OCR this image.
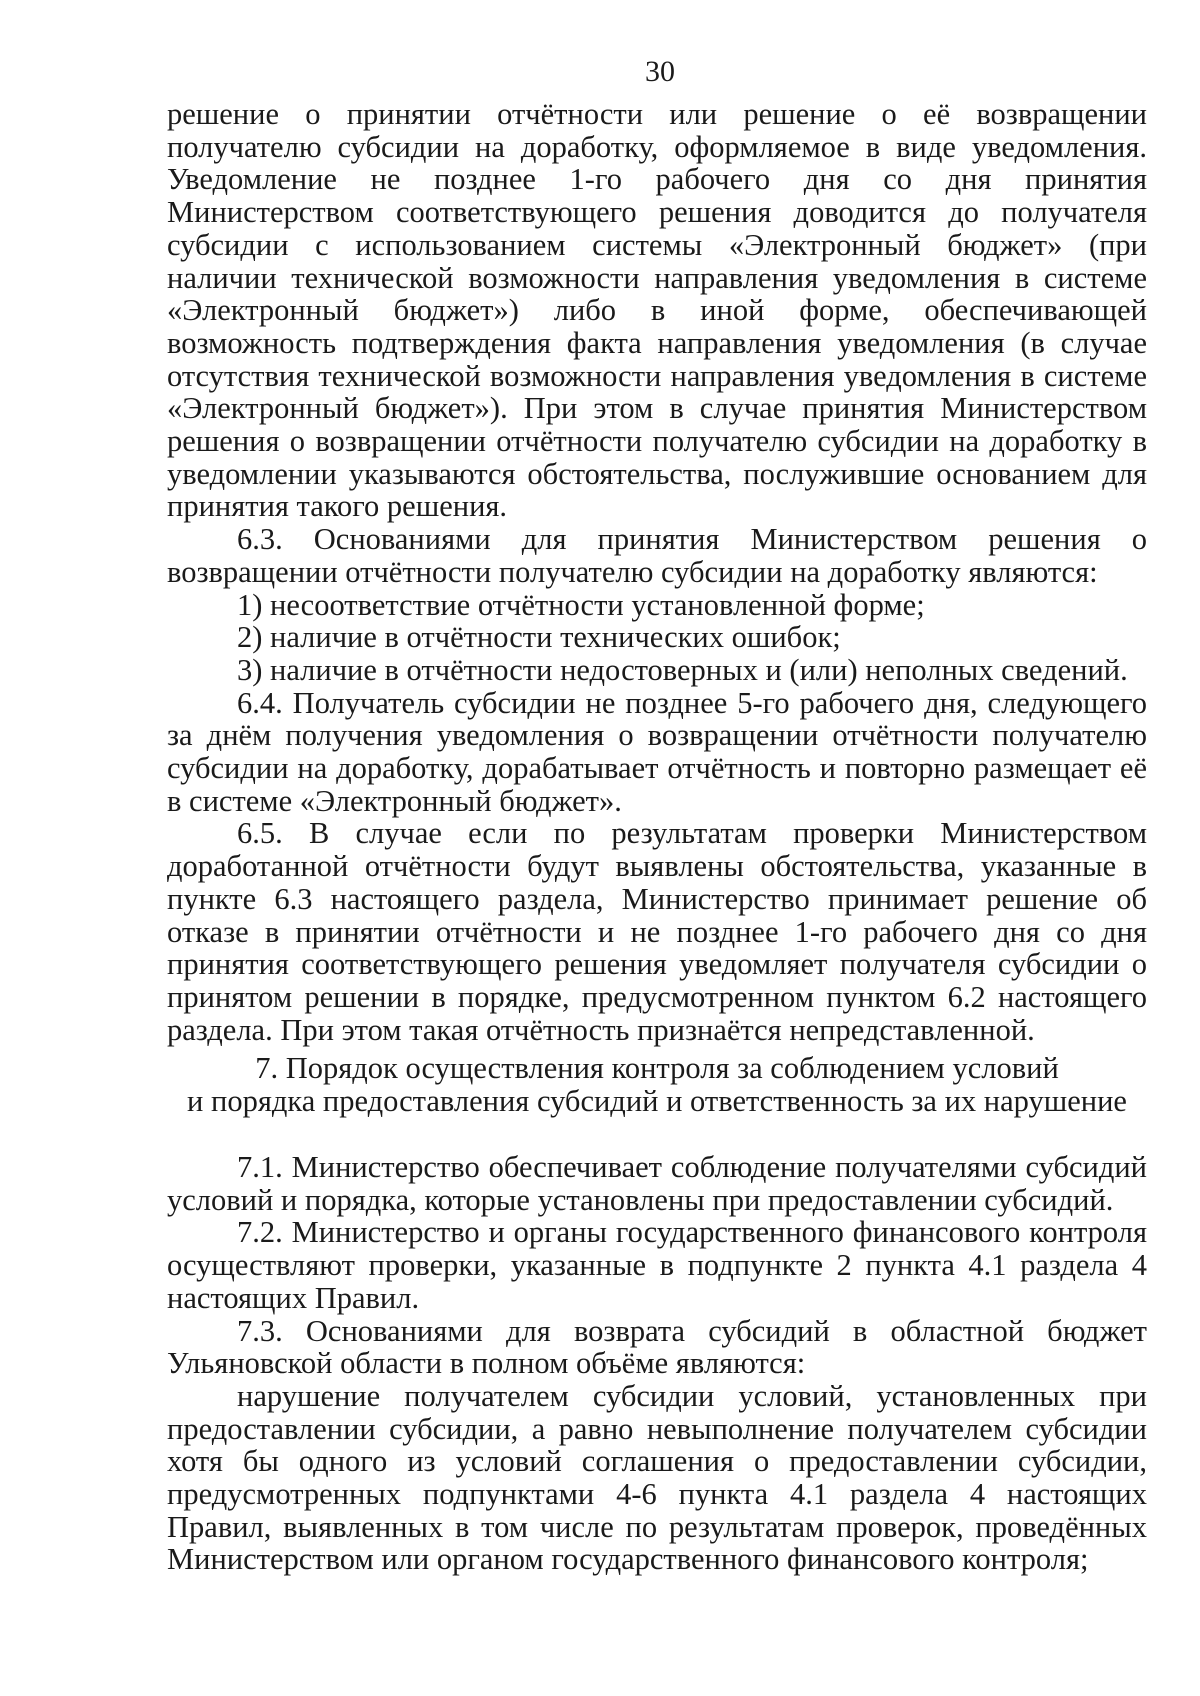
30

решение о принятии отчётности или решение о её возвращении получателю субсидии на доработку, оформляемое в виде уведомления. Уведомление не позднее 1-го рабочего дня со дня принятия Министерством соответствующего решения доводится до получателя субсидии с использованием системы «Электронный бюджет» (при наличии технической возможности направления уведомления в системе «Электронный бюджет») либо в иной форме, обеспечивающей возможность подтверждения факта направления уведомления (в случае отсутствия технической возможности направления уведомления в системе «Электронный бюджет»). При этом в случае принятия Министерством решения о возвращении отчётности получателю субсидии на доработку в уведомлении указываются обстоятельства, послужившие основанием для принятия такого решения.

6.3. Основаниями для принятия Министерством решения о возвращении отчётности получателю субсидии на доработку являются:

1) несоответствие отчётности установленной форме;

2) наличие в отчётности технических ошибок;

3) наличие в отчётности недостоверных и (или) неполных сведений.

6.4. Получатель субсидии не позднее 5-го рабочего дня, следующего за днём получения уведомления о возвращении отчётности получателю субсидии на доработку, дорабатывает отчётность и повторно размещает её в системе «Электронный бюджет».

6.5. В случае если по результатам проверки Министерством доработанной отчётности будут выявлены обстоятельства, указанные в пункте 6.3 настоящего раздела, Министерство принимает решение об отказе в принятии отчётности и не позднее 1-го рабочего дня со дня принятия соответствующего решения уведомляет получателя субсидии о принятом решении в порядке, предусмотренном пунктом 6.2 настоящего раздела. При этом такая отчётность признаётся непредставленной.

7. Порядок осуществления контроля за соблюдением условий
и порядка предоставления субсидий и ответственность за их нарушение

7.1. Министерство обеспечивает соблюдение получателями субсидий условий и порядка, которые установлены при предоставлении субсидий.

7.2. Министерство и органы государственного финансового контроля осуществляют проверки, указанные в подпункте 2 пункта 4.1 раздела 4 настоящих Правил.

7.3. Основаниями для возврата субсидий в областной бюджет Ульяновской области в полном объёме являются:

нарушение получателем субсидии условий, установленных при предоставлении субсидии, а равно невыполнение получателем субсидии хотя бы одного из условий соглашения о предоставлении субсидии, предусмотренных подпунктами 4-6 пункта 4.1 раздела 4 настоящих Правил, выявленных в том числе по результатам проверок, проведённых Министерством или органом государственного финансового контроля;
